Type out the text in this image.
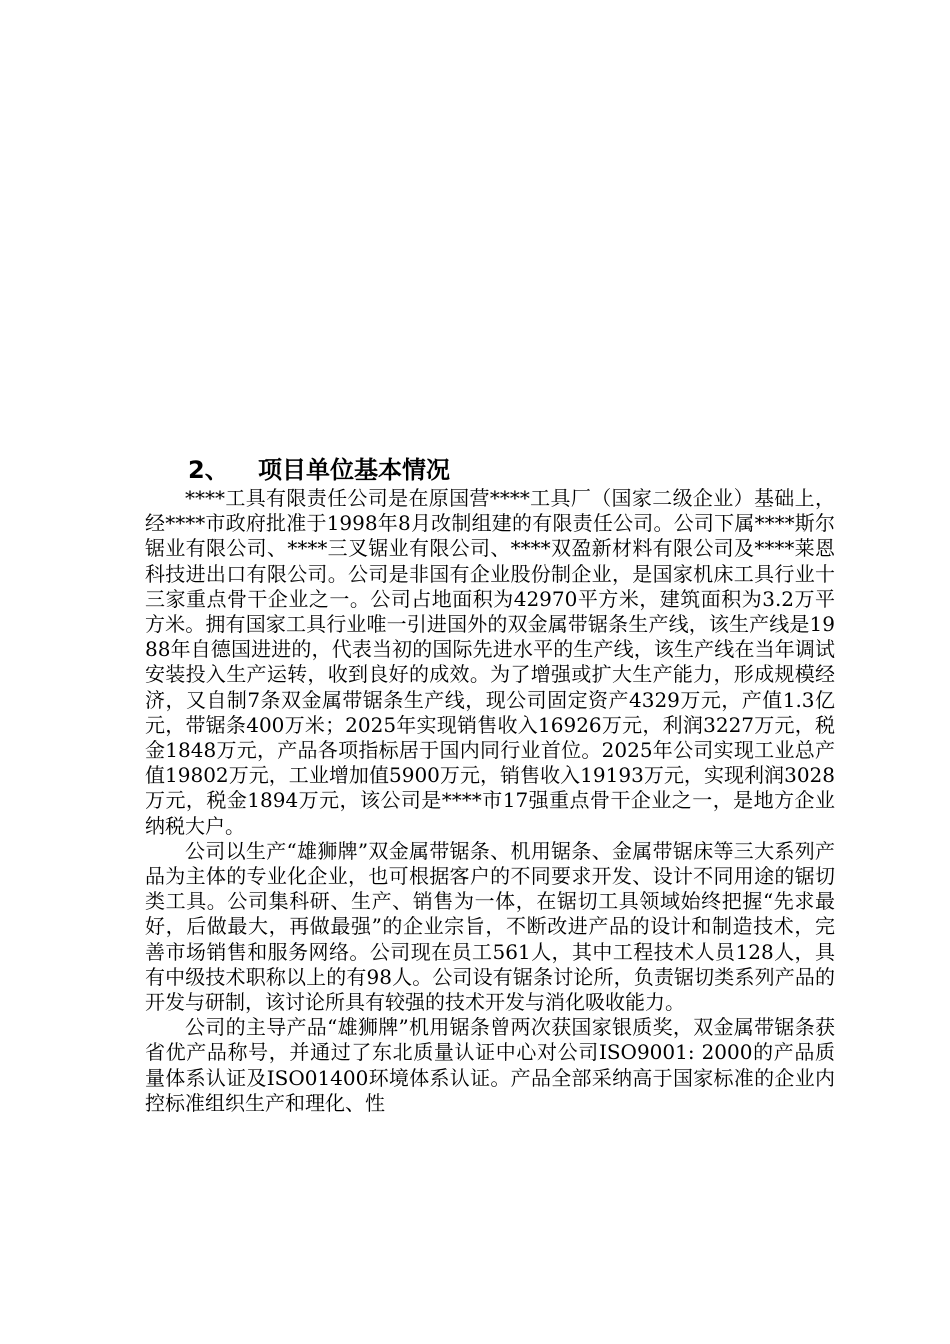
2、 项目单位基本情况

****工具有限责任公司是在原国营****工具厂（国家二级企业）基础上，经****市政府批准于1998年8月改制组建的有限责任公司。公司下属****斯尔锯业有限公司、****三叉锯业有限公司、****双盈新材料有限公司及****莱恩科技进出口有限公司。公司是非国有企业股份制企业，是国家机床工具行业十三家重点骨干企业之一。公司占地面积为42970平方米，建筑面积为3.2万平方米。拥有国家工具行业唯一引进国外的双金属带锯条生产线，该生产线是1988年自德国进进的，代表当初的国际先进水平的生产线，该生产线在当年调试安装投入生产运转，收到良好的成效。为了增强或扩大生产能力，形成规模经济，又自制7条双金属带锯条生产线，现公司固定资产4329万元，产值1.3亿元，带锯条400万米；2025年实现销售收入16926万元，利润3227万元，税金1848万元，产品各项指标居于国内同行业首位。2025年公司实现工业总产值19802万元，工业增加值5900万元，销售收入19193万元，实现利润3028万元，税金1894万元，该公司是****市17强重点骨干企业之一，是地方企业纳税大户。

公司以生产“雄狮牌”双金属带锯条、机用锯条、金属带锯床等三大系列产品为主体的专业化企业，也可根据客户的不同要求开发、设计不同用途的锯切类工具。公司集科研、生产、销售为一体，在锯切工具领域始终把握“先求最好，后做最大，再做最强”的企业宗旨，不断改进产品的设计和制造技术，完善市场销售和服务网络。公司现在员工561人，其中工程技术人员128人，具有中级技术职称以上的有98人。公司设有锯条讨论所，负责锯切类系列产品的开发与研制，该讨论所具有较强的技术开发与消化吸收能力。

公司的主导产品“雄狮牌”机用锯条曾两次获国家银质奖，双金属带锯条获省优产品称号，并通过了东北质量认证中心对公司ISO9001: 2000的产品质量体系认证及ISO01400环境体系认证。产品全部采纳高于国家标准的企业内控标准组织生产和理化、性
